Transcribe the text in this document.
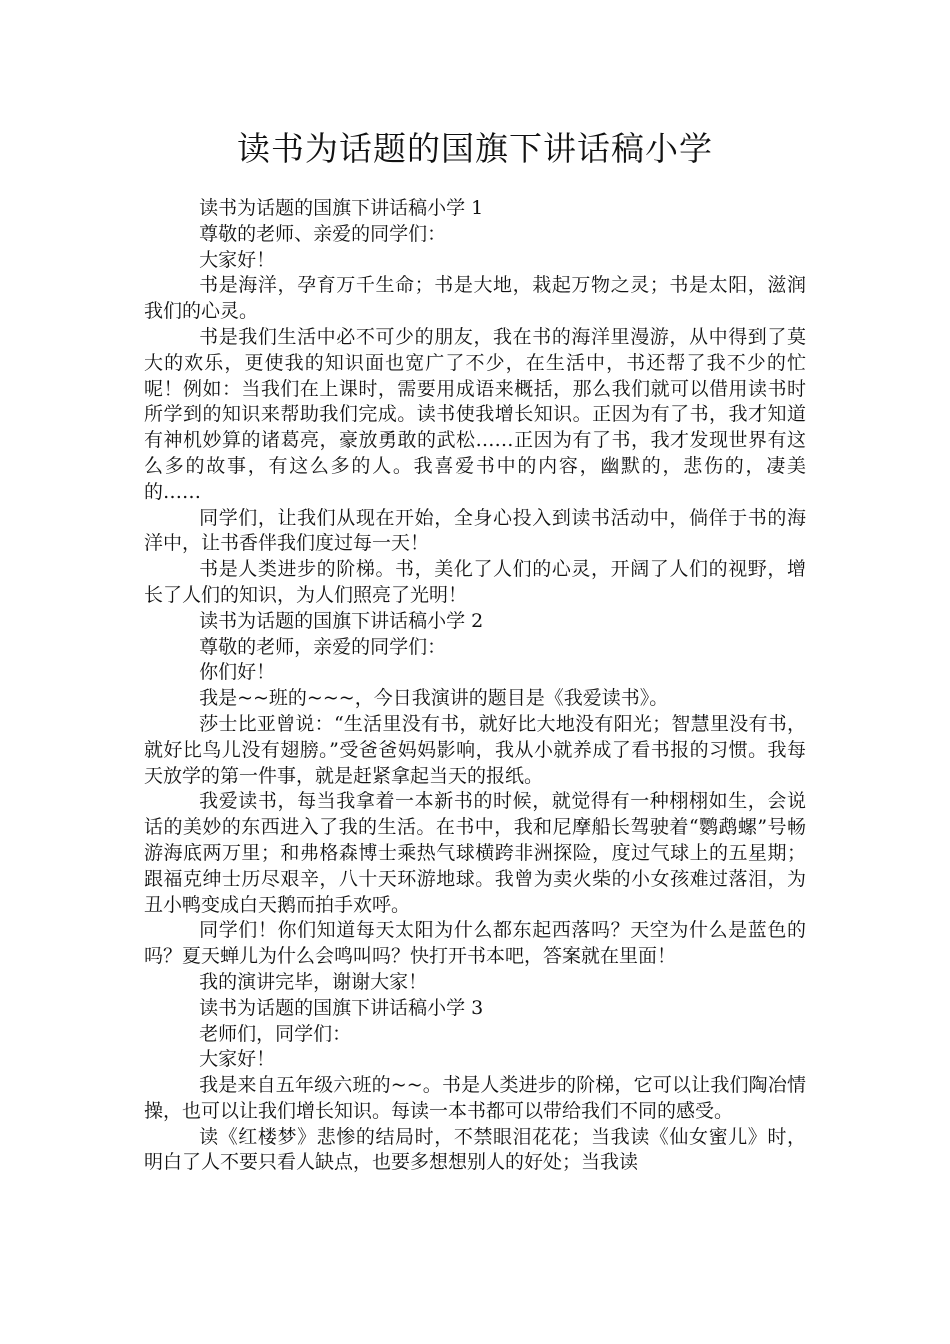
读书为话题的国旗下讲话稿小学

读书为话题的国旗下讲话稿小学 1

尊敬的老师、亲爱的同学们：

大家好！

书是海洋，孕育万千生命；书是大地，栽起万物之灵；书是太阳，滋润我们的心灵。

书是我们生活中必不可少的朋友，我在书的海洋里漫游，从中得到了莫大的欢乐，更使我的知识面也宽广了不少，在生活中，书还帮了我不少的忙呢！例如：当我们在上课时，需要用成语来概括，那么我们就可以借用读书时所学到的知识来帮助我们完成。读书使我增长知识。正因为有了书，我才知道有神机妙算的诸葛亮，豪放勇敢的武松……正因为有了书，我才发现世界有这么多的故事，有这么多的人。我喜爱书中的内容，幽默的，悲伤的，凄美的……

同学们，让我们从现在开始，全身心投入到读书活动中，倘佯于书的海洋中，让书香伴我们度过每一天！

书是人类进步的阶梯。书，美化了人们的心灵，开阔了人们的视野，增长了人们的知识，为人们照亮了光明！

读书为话题的国旗下讲话稿小学 2

尊敬的老师，亲爱的同学们：

你们好！

我是~~班的~~~，今日我演讲的题目是《我爱读书》。

莎士比亚曾说：“生活里没有书，就好比大地没有阳光；智慧里没有书，就好比鸟儿没有翅膀。”受爸爸妈妈影响，我从小就养成了看书报的习惯。我每天放学的第一件事，就是赶紧拿起当天的报纸。

我爱读书，每当我拿着一本新书的时候，就觉得有一种栩栩如生，会说话的美妙的东西进入了我的生活。在书中，我和尼摩船长驾驶着“鹦鹉螺”号畅游海底两万里；和弗格森博士乘热气球横跨非洲探险，度过气球上的五星期；跟福克绅士历尽艰辛，八十天环游地球。我曾为卖火柴的小女孩难过落泪，为丑小鸭变成白天鹅而拍手欢呼。

同学们！你们知道每天太阳为什么都东起西落吗？天空为什么是蓝色的吗？夏天蝉儿为什么会鸣叫吗？快打开书本吧，答案就在里面！

我的演讲完毕，谢谢大家！

读书为话题的国旗下讲话稿小学 3

老师们，同学们：

大家好！

我是来自五年级六班的~~。书是人类进步的阶梯，它可以让我们陶冶情操，也可以让我们增长知识。每读一本书都可以带给我们不同的感受。

读《红楼梦》悲惨的结局时，不禁眼泪花花；当我读《仙女蜜儿》时，明白了人不要只看人缺点，也要多想想别人的好处；当我读
